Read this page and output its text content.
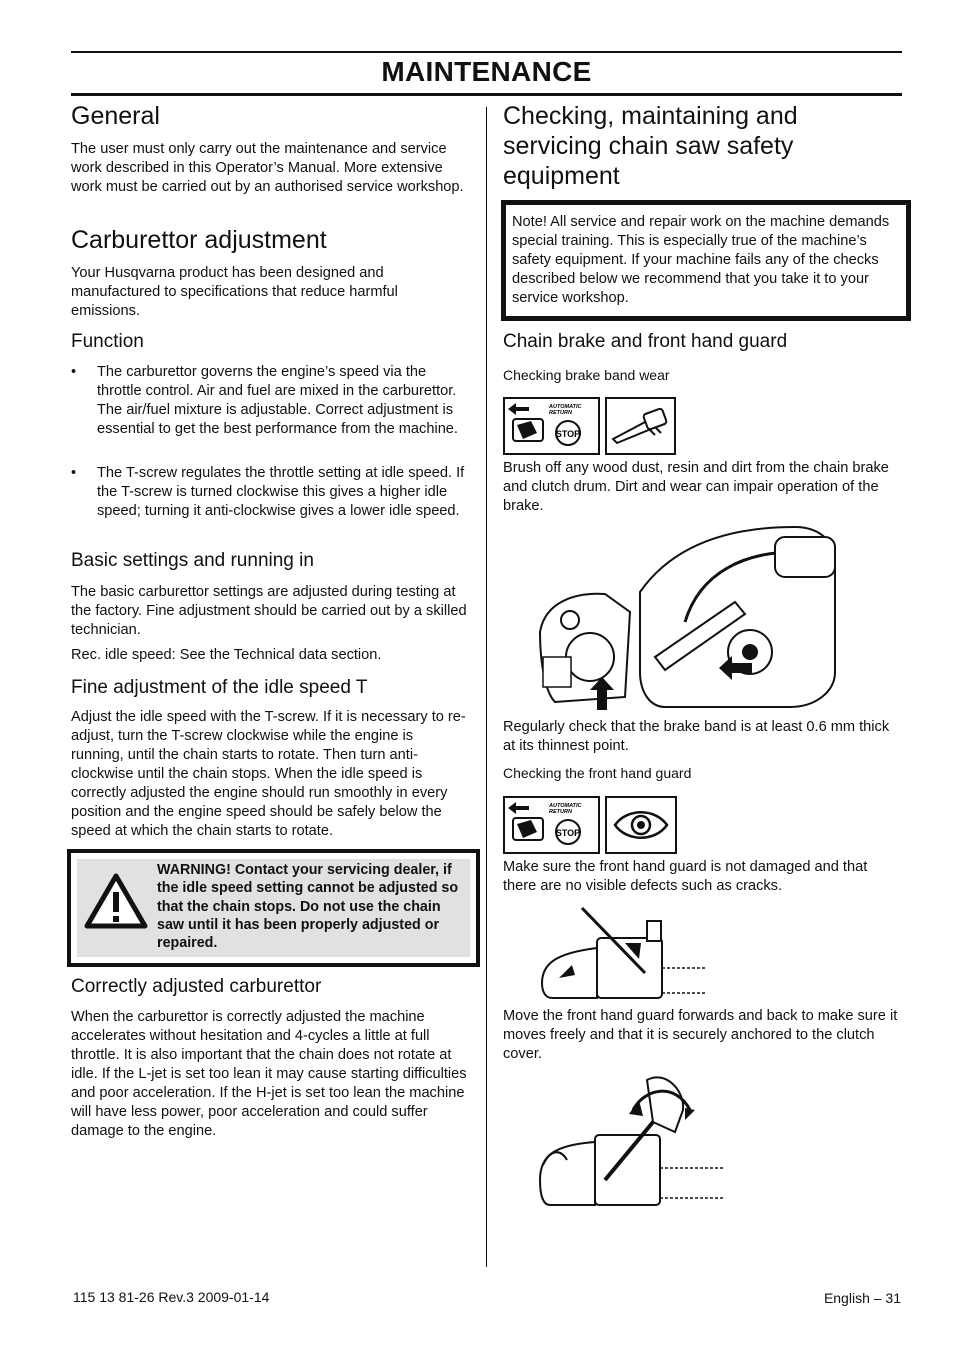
MAINTENANCE
General

The user must only carry out the maintenance and service work described in this Operator’s Manual. More extensive work must be carried out by an authorised service workshop.

Carburettor adjustment

Your Husqvarna product has been designed and manufactured to specifications that reduce harmful emissions.

Function
• The carburettor governs the engine’s speed via the throttle control. Air and fuel are mixed in the carburettor. The air/fuel mixture is adjustable. Correct adjustment is essential to get the best performance from the machine.

• The T-screw regulates the throttle setting at idle speed. If the T-screw is turned clockwise this gives a higher idle speed; turning it anti-clockwise gives a lower idle speed.

Basic settings and running in

The basic carburettor settings are adjusted during testing at the factory. Fine adjustment should be carried out by a skilled technician.

Rec. idle speed: See the Technical data section.

Fine adjustment of the idle speed T

Adjust the idle speed with the T-screw. If it is necessary to re-adjust, turn the T-screw clockwise while the engine is running, until the chain starts to rotate. Then turn anti-clockwise until the chain stops. When the idle speed is correctly adjusted the engine should run smoothly in every position and the engine speed should be safely below the speed at which the chain starts to rotate.

WARNING! Contact your servicing dealer, if the idle speed setting cannot be adjusted so that the chain stops. Do not use the chain saw until it has been properly adjusted or repaired.

Correctly adjusted carburettor

When the carburettor is correctly adjusted the machine accelerates without hesitation and 4-cycles a little at full throttle. It is also important that the chain does not rotate at idle. If the L-jet is set too lean it may cause starting difficulties and poor acceleration. If the H-jet is set too lean the machine will have less power, poor acceleration and could suffer damage to the engine.

Checking, maintaining and servicing chain saw safety equipment

Note! All service and repair work on the machine demands special training. This is especially true of the machine’s safety equipment. If your machine fails any of the checks described below we recommend that you take it to your service workshop.

Chain brake and front hand guard
Checking brake band wear
STOP
AUTOMATIC
RETURN

Brush off any wood dust, resin and dirt from the chain brake and clutch drum. Dirt and wear can impair operation of the brake.

Regularly check that the brake band is at least 0.6 mm thick at its thinnest point.

Checking the front hand guard
STOP
AUTOMATIC
RETURN

Make sure the front hand guard is not damaged and that there are no visible defects such as cracks.

Move the front hand guard forwards and back to make sure it moves freely and that it is securely anchored to the clutch cover.

115 13 81-26 Rev.3 2009-01-14	English – 31
